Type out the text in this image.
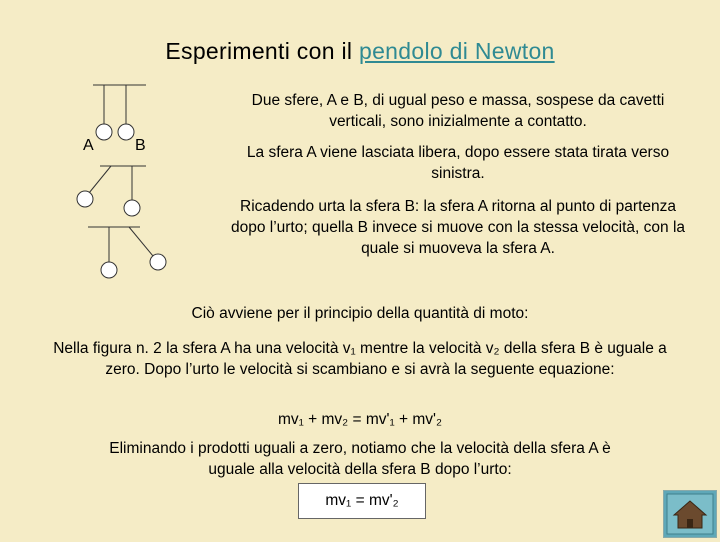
Esperimenti con il pendolo di Newton
A	B

Due sfere, A e B, di ugual peso e massa, sospese da cavetti verticali, sono inizialmente a contatto.

La sfera A viene lasciata libera, dopo essere stata tirata verso sinistra.

Ricadendo urta la sfera B: la sfera A ritorna al punto di partenza dopo l’urto; quella B invece si muove con la stessa velocità, con la quale si muoveva la sfera A.

Ciò avviene per il principio della quantità di moto:

Nella figura n. 2 la sfera A ha una velocità v₁ mentre la velocità v₂ della sfera B è uguale a zero. Dopo l’urto le velocità si scambiano e si avrà la seguente equazione:

mv₁ + mv₂ = mv'₁ + mv'₂

Eliminando i prodotti uguali a zero, notiamo che la velocità della sfera A è uguale alla velocità della sfera B dopo l’urto:

mv₁ = mv'₂
